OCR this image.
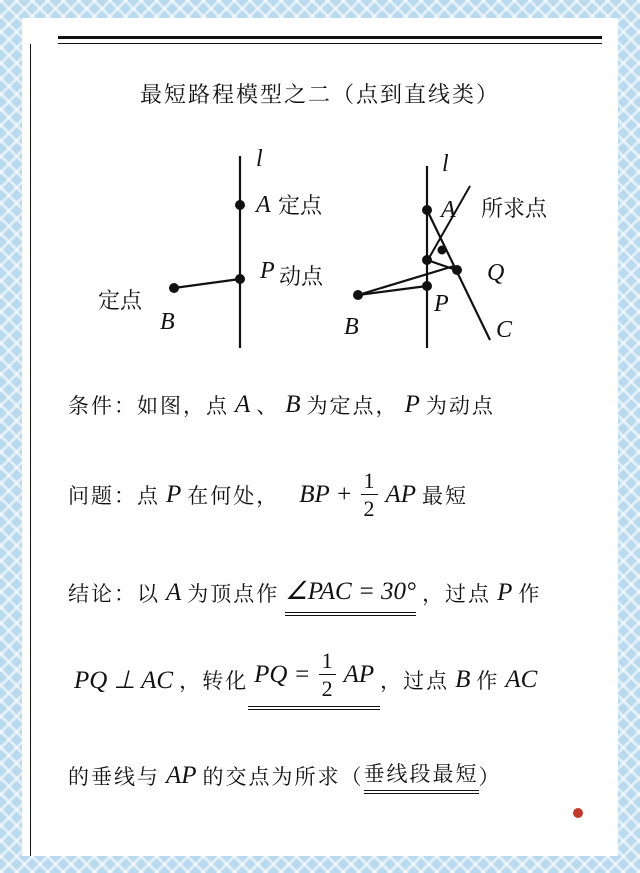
最短路程模型之二（点到直线类）
l
A 定点
P 动点
定点
B
l
A 所求点
Q
P
B	C
条件：如图，点 A 、 B 为定点， P 为动点
问题：点 P 在何处， BP + $\frac{1}{2}$ AP 最短
结论：以 A 为顶点作 ∠PAC = 30° ，过点 P 作
PQ ⊥ AC ，转化 PQ = $\frac{1}{2}$ AP ，过点 B 作 AC
的垂线与 AP 的交点为所求（ 垂线段最短 ）
